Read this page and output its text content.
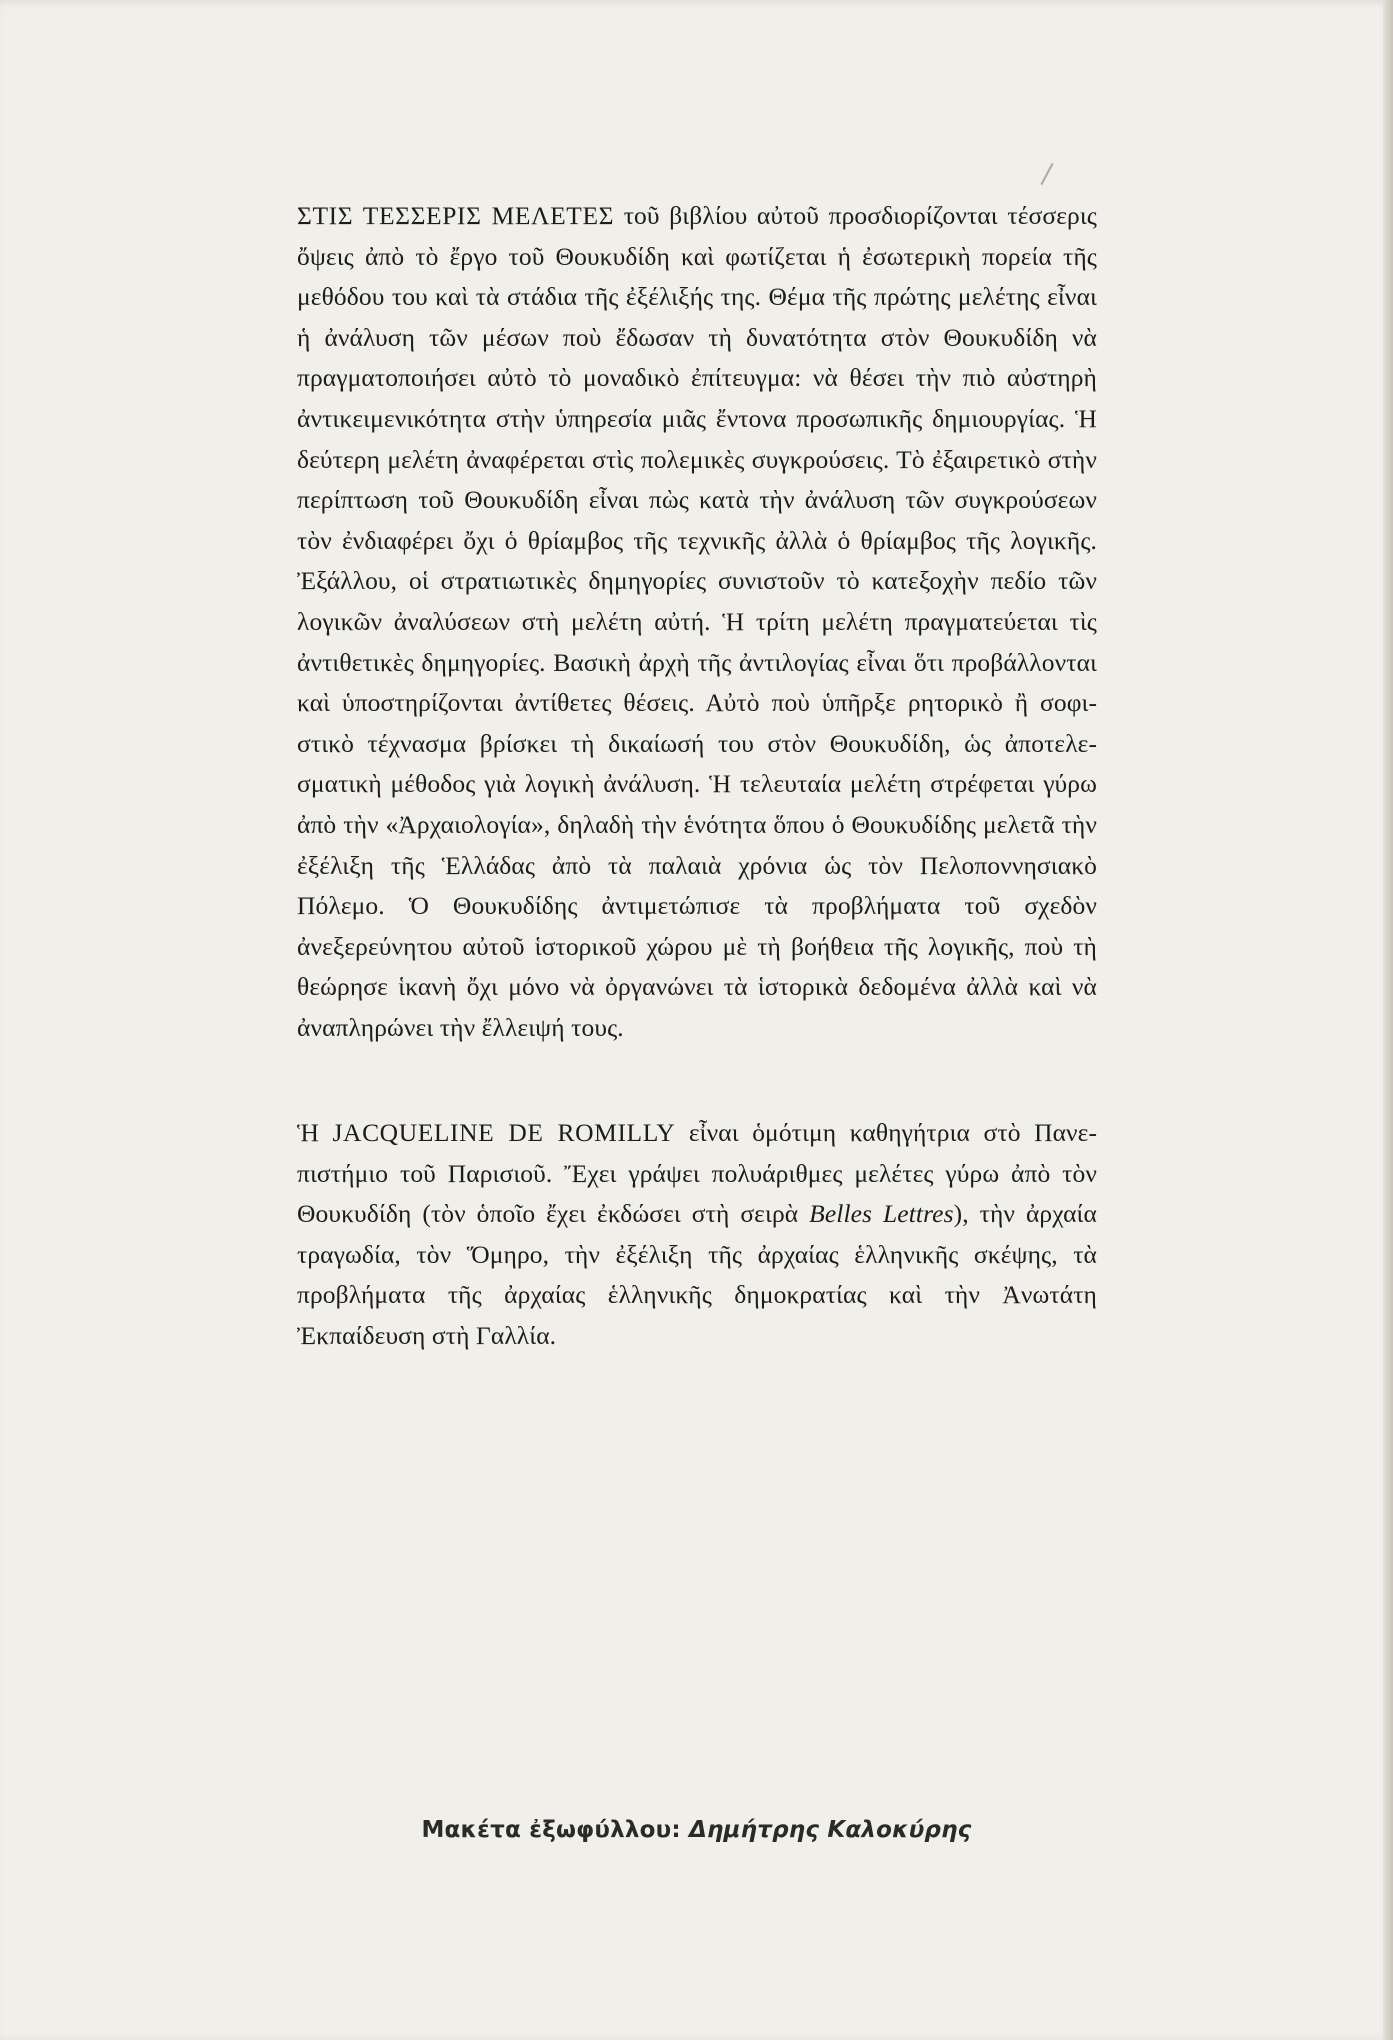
ΣΤΙΣ ΤΕΣΣΕΡΙΣ ΜΕΛΕΤΕΣ τοῦ βιβλίου αὐτοῦ προσδιορίζονται τέσσερις ὄψεις ἀπὸ τὸ ἔργο τοῦ Θουκυδίδη καὶ φωτίζεται ἡ ἐσωτερικὴ πορεία τῆς μεθόδου του καὶ τὰ στάδια τῆς ἐξέλιξής της. Θέμα τῆς πρώτης μελέτης εἶναι ἡ ἀνάλυση τῶν μέσων ποὺ ἔδωσαν τὴ δυνατότητα στὸν Θουκυδίδη νὰ πραγματοποιήσει αὐτὸ τὸ μοναδικὸ ἐπίτευγμα: νὰ θέσει τὴν πιὸ αὐστηρὴ ἀντικειμενικότητα στὴν ὑπηρεσία μιᾶς ἔντονα προσωπικῆς δημιουργίας. Ἡ δεύτερη μελέτη ἀναφέρεται στὶς πολεμικὲς συγκρούσεις. Τὸ ἐξαιρετικὸ στὴν περίπτωση τοῦ Θουκυδίδη εἶναι πὼς κατὰ τὴν ἀνάλυση τῶν συγκρούσεων τὸν ἐνδιαφέρει ὄχι ὁ θρίαμβος τῆς τεχνικῆς ἀλλὰ ὁ θρίαμβος τῆς λογικῆς. Ἐξάλλου, οἱ στρατιωτικὲς δημηγορίες συνιστοῦν τὸ κατεξοχὴν πεδίο τῶν λογικῶν ἀναλύσεων στὴ μελέτη αὐτή. Ἡ τρίτη μελέτη πραγματεύεται τὶς ἀντιθετικὲς δημηγορίες. Βασικὴ ἀρχὴ τῆς ἀντιλογίας εἶναι ὅτι προβάλλονται καὶ ὑποστηρίζονται ἀντίθετες θέσεις. Αὐτὸ ποὺ ὑπῆρξε ρητορικὸ ἢ σοφιστικὸ τέχνασμα βρίσκει τὴ δικαίωσή του στὸν Θουκυδίδη, ὡς ἀποτελεσματικὴ μέθοδος γιὰ λογικὴ ἀνάλυση. Ἡ τελευταία μελέτη στρέφεται γύρω ἀπὸ τὴν «Ἀρχαιολογία», δηλαδὴ τὴν ἑνότητα ὅπου ὁ Θουκυδίδης μελετᾶ τὴν ἐξέλιξη τῆς Ἑλλάδας ἀπὸ τὰ παλαιὰ χρόνια ὡς τὸν Πελοποννησιακὸ Πόλεμο. Ὁ Θουκυδίδης ἀντιμετώπισε τὰ προβλήματα τοῦ σχεδὸν ἀνεξερεύνητου αὐτοῦ ἱστορικοῦ χώρου μὲ τὴ βοήθεια τῆς λογικῆς, ποὺ τὴ θεώρησε ἱκανὴ ὄχι μόνο νὰ ὀργανώνει τὰ ἱστορικὰ δεδομένα ἀλλὰ καὶ νὰ ἀναπληρώνει τὴν ἔλλειψή τους.

Ἡ JACQUELINE DE ROMILLY εἶναι ὁμότιμη καθηγήτρια στὸ Πανεπιστήμιο τοῦ Παρισιοῦ. Ἔχει γράψει πολυάριθμες μελέτες γύρω ἀπὸ τὸν Θουκυδίδη (τὸν ὁποῖο ἔχει ἐκδώσει στὴ σειρὰ Belles Lettres), τὴν ἀρχαία τραγωδία, τὸν Ὅμηρο, τὴν ἐξέλιξη τῆς ἀρχαίας ἑλληνικῆς σκέψης, τὰ προβλήματα τῆς ἀρχαίας ἑλληνικῆς δημοκρατίας καὶ τὴν Ἀνωτάτη Ἐκπαίδευση στὴ Γαλλία.

Μακέτα ἐξωφύλλου: Δημήτρης Καλοκύρης
